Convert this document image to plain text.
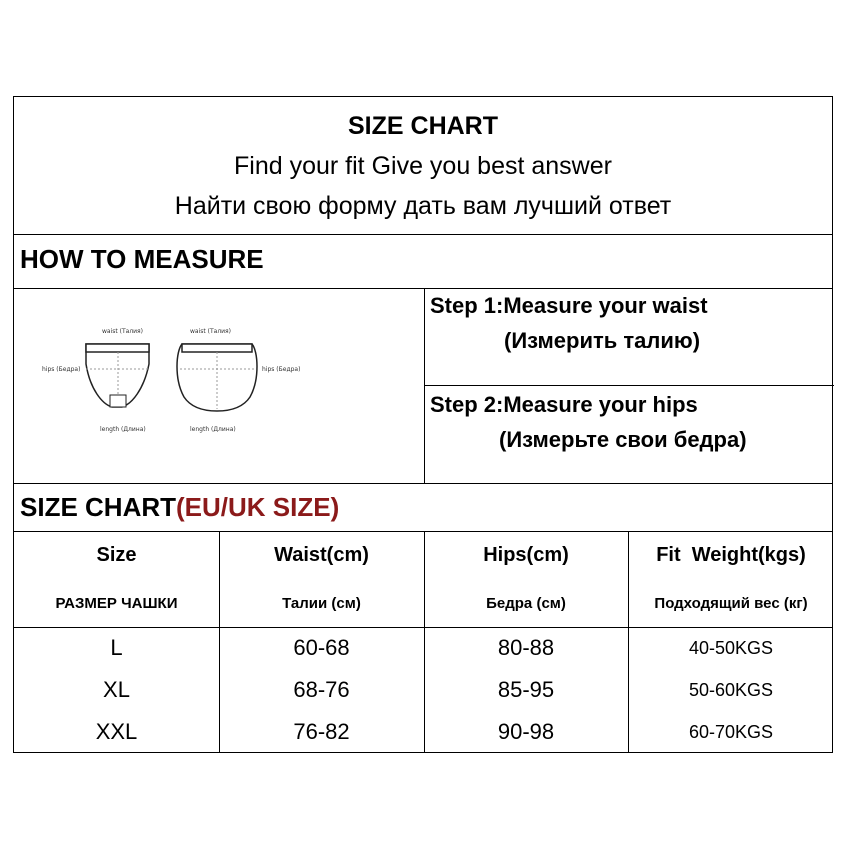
SIZE CHART
Find your fit Give you best answer
Найти свою форму дать вам лучший ответ
HOW TO MEASURE
waist (Талия)	waist (Талия)
hips (Бедра)	hips (Бедра)
length (Длина)	length (Длина)
Step 1:Measure your waist
(Измерить талию)
Step 2:Measure your hips
(Измерьте свои бедра)
SIZE CHART(EU/UK SIZE)
Size	Waist(cm)	Hips(cm)	Fit  Weight(kgs)
РАЗМЕР ЧАШКИ	Талии (см)	Бедра (см)	Подходящий вес (кг)
L	60-68	80-88	40-50KGS
XL	68-76	85-95	50-60KGS
XXL	76-82	90-98	60-70KGS
